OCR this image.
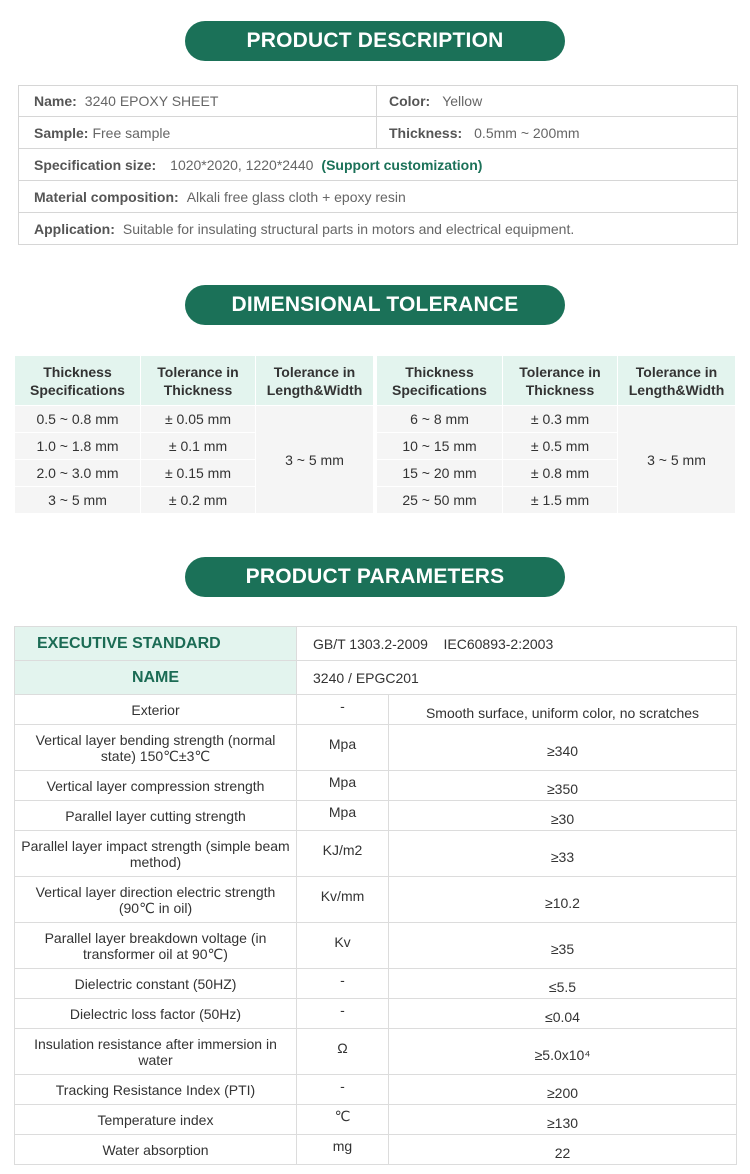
PRODUCT DESCRIPTION
Name: 3240 EPOXY SHEET	Color: Yellow
Sample: Free sample	Thickness: 0.5mm ~ 200mm
Specification size: 1020*2020, 1220*2440 (Support customization)
Material composition: Alkali free glass cloth + epoxy resin
Application: Suitable for insulating structural parts in motors and electrical equipment.
DIMENSIONAL TOLERANCE
Thickness Specifications	Tolerance in Thickness	Tolerance in Length&Width
0.5 ~ 0.8 mm	± 0.05 mm	3 ~ 5 mm
1.0 ~ 1.8 mm	± 0.1 mm	
2.0 ~ 3.0 mm	± 0.15 mm	
3 ~ 5 mm	± 0.2 mm	
Thickness Specifications	Tolerance in Thickness	Tolerance in Length&Width
6 ~ 8 mm	± 0.3 mm	3 ~ 5 mm
10 ~ 15 mm	± 0.5 mm	
15 ~ 20 mm	± 0.8 mm	
25 ~ 50 mm	± 1.5 mm	
PRODUCT PARAMETERS
EXECUTIVE STANDARD	GB/T 1303.2-2009    IEC60893-2:2003	
NAME	3240 / EPGC201	
Exterior	-	Smooth surface, uniform color, no scratches
Vertical layer bending strength (normal state) 150℃±3℃	Mpa	≥340
Vertical layer compression strength	Mpa	≥350
Parallel layer cutting strength	Mpa	≥30
Parallel layer impact strength (simple beam method)	KJ/m2	≥33
Vertical layer direction electric strength (90℃ in oil)	Kv/mm	≥10.2
Parallel layer breakdown voltage (in transformer oil at 90℃)	Kv	≥35
Dielectric constant (50HZ)	-	≤5.5
Dielectric loss factor (50Hz)	-	≤0.04
Insulation resistance after immersion in water	Ω	≥5.0x10⁴
Tracking Resistance Index (PTI)	-	≥200
Temperature index	℃	≥130
Water absorption	mg	22
